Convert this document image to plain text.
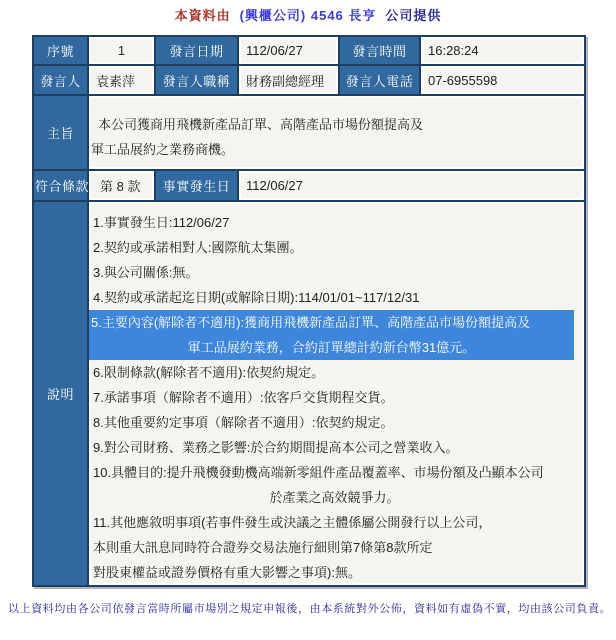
本資料由 (興櫃公司) 4546 長亨 公司提供
序號	1	發言日期	112/06/27	發言時間	16:28:24
發言人	袁素萍	發言人職稱	財務副總經理	發言人電話	07-6955598
主旨	本公司獲商用飛機新產品訂單、高階產品市場份額提高及
軍工品展約之業務商機。				

符合條款	第 8 款	事實發生日	112/06/27		
說明	
1.事實發生日:112/06/27
2.契約或承諾相對人:國際航太集團。
3.與公司關係:無。
4.契約或承諾起迄日期(或解除日期):114/01/01~117/12/31
5.主要內容(解除者不適用):獲商用飛機新產品訂單、高階產品市場份額提高及
軍工品展約業務，合約訂單總計約新台幣31億元。
6.限制條款(解除者不適用):依契約規定。
7.承諾事項（解除者不適用）:依客戶交貨期程交貨。
8.其他重要約定事項（解除者不適用）:依契約規定。
9.對公司財務、業務之影響:於合約期間提高本公司之營業收入。
10.具體目的:提升飛機發動機高端新零組件產品覆蓋率、市場份額及凸顯本公司
於產業之高效競爭力。
11.其他應敘明事項(若事件發生或決議之主體係屬公開發行以上公司，
本則重大訊息同時符合證券交易法施行細則第7條第8款所定
對股東權益或證券價格有重大影響之事項):無。
以上資料均由各公司依發言當時所屬市場別之規定申報後，由本系統對外公佈，資料如有虛偽不實，均由該公司負責。
